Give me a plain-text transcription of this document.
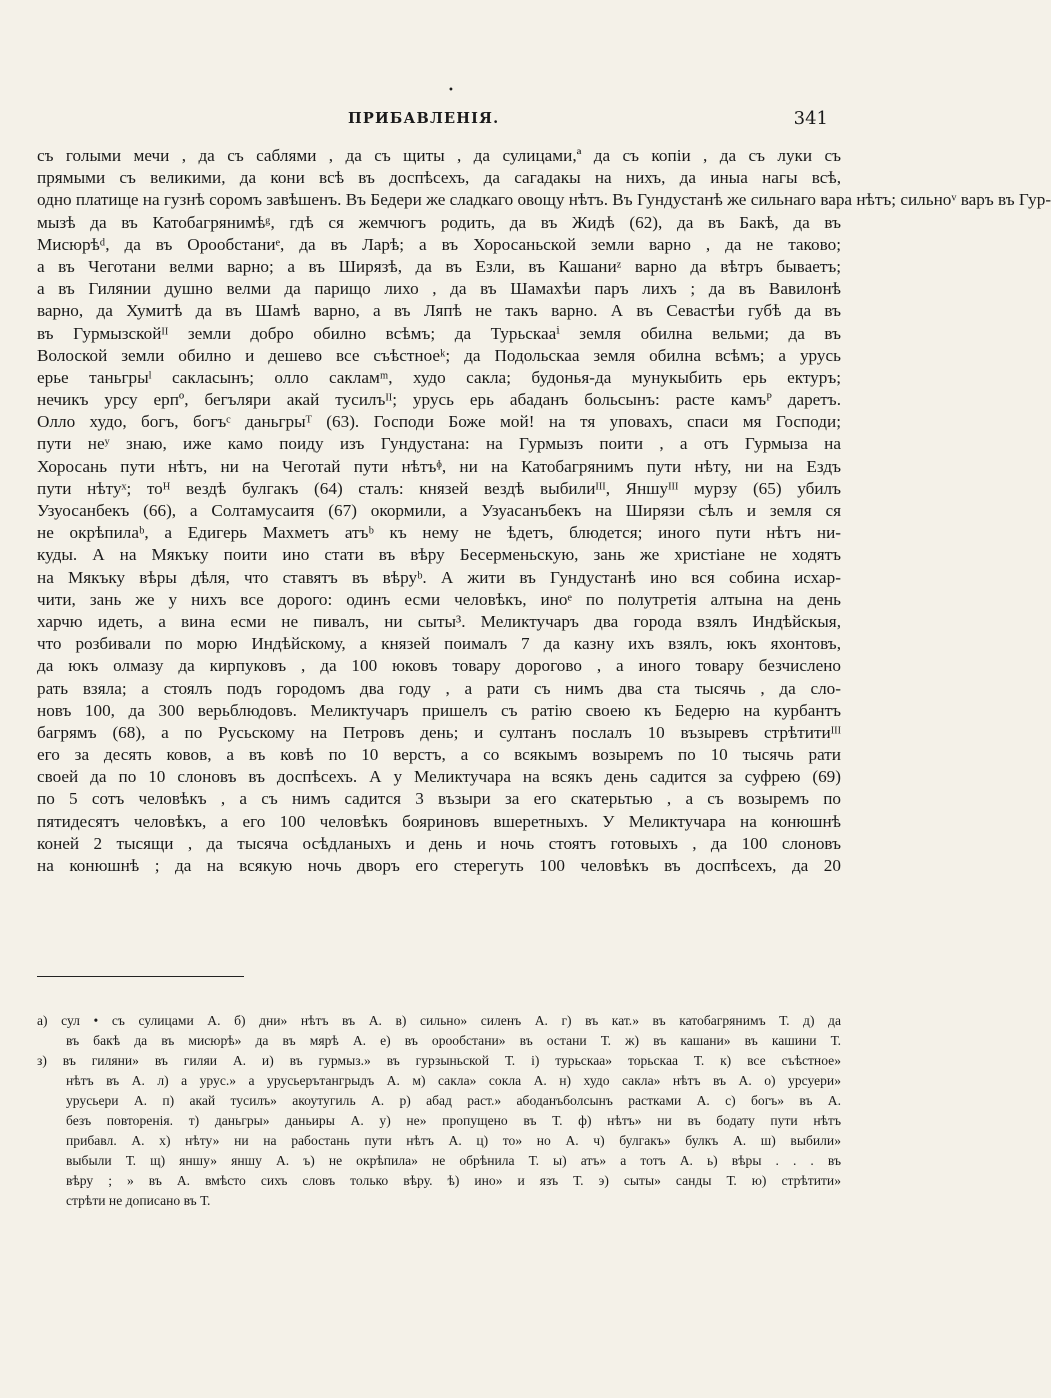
•
ПРИБАВЛЕНІЯ.	341
съ голыми мечи , да съ саблями , да съ щиты , да сулицами,ª да съ копіи , да съ луки съ
прямыми съ великими, да кони всѣ въ доспѣсехъ, да сагадакы на нихъ, да иныа нагы всѣ,
одно платище на гузнѣ соромъ завѣшенъ. Въ Бедери же сладкаго овощу нѣтъ. Въ Гундустанѣ же сильнаго вара нѣтъ; сильноᵛ варъ въ Гур-
мызѣ да въ Катобагрянимѣᵍ, гдѣ ся жемчюгъ родить, да въ Жидѣ (62), да въ Бакѣ, да въ
Мисюрѣᵈ, да въ Орообстаниᵉ, да въ Ларѣ; а въ Хоросаньской земли варно , да не таково;
а въ Чеготани велми варно; а въ Ширязѣ, да въ Езли, въ Кашаниᶻ варно да вѣтръ бываетъ;
а въ Гилянии душно велми да парищо лихо , да въ Шамахѣи паръ лихъ ; да въ Вавилонѣ
варно, да Хумитѣ да въ Шамѣ варно, а въ Ляпѣ не такъ варно. А въ Севастѣи губѣ да въ
въ Гурмызскойᴵᴵ земли добро обилно всѣмъ; да Турьскааⁱ земля обилна вельми; да въ
Волоской земли обилно и дешево все съѣстноеᵏ; да Подольскаа земля обилна всѣмъ; а урусь
ерье таньгрыˡ сакласынъ; олло сакламᵐ, худо сакла; будонья-да мунукыбить ерь ектуръ;
нечикъ урсу ерпº, бегъляри акай тусилъᴵᴵ; урусь ерь абаданъ больсынъ: расте камъᴾ даретъ.
Олло худо, богъ, богъᶜ даньгрыᵀ (63). Господи Боже мой! на тя уповахъ, спаси мя Господи;
пути неʸ знаю, иже камо поиду изъ Гундустана: на Гурмызъ поити , а отъ Гурмыза на
Хоросань пути нѣтъ, ни на Чеготай пути нѣтъᶲ, ни на Катобагрянимъ пути нѣту, ни на Ездъ
пути нѣтуˣ; тоᴴ вездѣ булгакъ (64) сталъ: князей вездѣ выбилиᴵᴵᴵ, Яншуᴵᴵᴵ мурзу (65) убилъ
Узуосанбекъ (66), а Солтамусаитя (67) окормили, а Узуасанъбекъ на Ширязи сѣлъ и земля ся
не окрѣпилаᵇ, а Едигерь Махметъ атъᵇ къ нему не ѣдетъ, блюдется; иного пути нѣтъ ни-
куды. А на Мякъку поити ино стати въ вѣру Бесерменьскую, зань же христіане не ходятъ
на Мякъку вѣры дѣля, что ставятъ въ вѣруᵇ. А жити въ Гундустанѣ ино вся собина исхар-
чити, зань же у нихъ все дорого: одинъ есми человѣкъ, иноᵉ по полутретія алтына на день
харчю идеть, а вина есми не пивалъ, ни сыты³. Меликтучаръ два города взялъ Индѣйскыя,
что розбивали по морю Индѣйскому, а князей поималъ 7 да казну ихъ взялъ, юкъ яхонтовъ,
да юкъ олмазу да кирпуковъ , да 100 юковъ товару дорогово , а иного товару безчислено
рать взяла; а стоялъ подъ городомъ два году , а рати съ нимъ два ста тысячь , да сло-
новъ 100, да 300 верьблюдовъ. Меликтучаръ пришелъ съ ратію своею къ Бедерю на курбантъ
багрямъ (68), а по Русьскому на Петровъ день; и султанъ послалъ 10 възыревъ стрѣтитиᴵᴵᴵ
его за десять ковов, а въ ковѣ по 10 верстъ, а со всякымъ возыремъ по 10 тысячь рати
своей да по 10 слоновъ въ доспѣсехъ. А у Меликтучара на всякъ день садится за суфрею (69)
по 5 сотъ человѣкъ , а съ нимъ садится 3 възыри за его скатерьтью , а съ возыремъ по
пятидесятъ человѣкъ, а его 100 человѣкъ бояриновъ вшеретныхъ. У Меликтучара на конюшнѣ
коней 2 тысящи , да тысяча осѣдланыхъ и день и ночь стоятъ готовыхъ , да 100 слоновъ
на конюшнѣ ; да на всякую ночь дворъ его стерегуть 100 человѣкъ въ доспѣсехъ, да 20
а) сул • съ сулицами А. б) дни» нѣтъ въ А. в) сильно» силенъ А. г) въ кат.» въ катобагрянимъ Т. д) да
въ бакѣ да въ мисюрѣ» да въ мярѣ А. е) въ орообстани» въ остани Т. ж) въ кашани» въ кашини Т.
з) въ гиляни» въ гиляи А. и) въ гурмыз.» въ гурзыньской Т. і) турьскаа» торьскаа Т. к) все съѣстное»
нѣтъ въ А. л) а урус.» а урусьерътангрыдъ А. м) сакла» сокла А. н) худо сакла» нѣтъ въ А. о) урсуери»
урусьери А. п) акай тусилъ» акоутугиль А. р) абад раст.» абоданъболсынъ растками А. с) богъ» въ А.
безъ повторенія. т) даньгры» даньиры А. у) не» пропущено въ Т. ф) нѣтъ» ни въ бодату пути нѣтъ
прибавл. А. х) нѣту» ни на рабостань пути нѣтъ А. ц) то» но А. ч) булгакъ» булкъ А. ш) выбили»
выбыли Т. щ) яншу» яншу А. ъ) не окрѣпила» не обрѣнила Т. ы) атъ» а тотъ А. ь) вѣры . . . въ
вѣру ; » въ А. вмѣсто сихъ словъ только вѣру. ѣ) ино» и язъ Т. э) сыты» санды Т. ю) стрѣтити»
стрѣти не дописано въ Т.
